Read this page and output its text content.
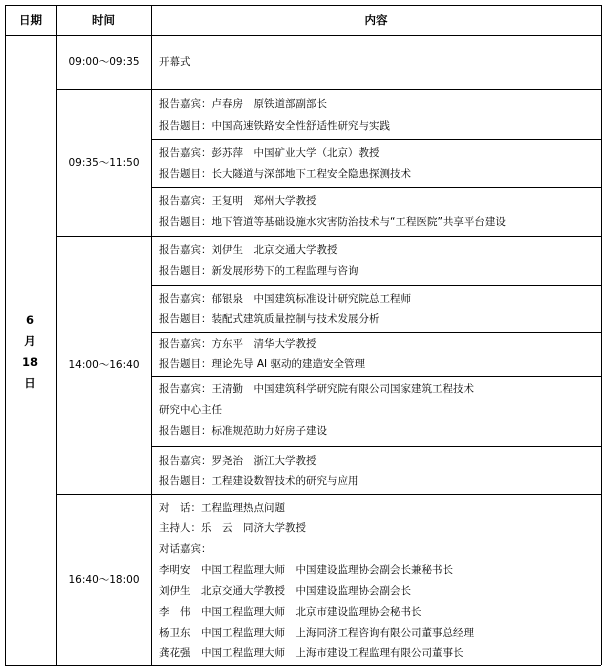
日期	时间	内容
6
月
18
日
09:00～09:35
09:35～11:50
14:00～16:40
16:40～18:00
开幕式
报告嘉宾：卢春房　原铁道部副部长
报告题目：中国高速铁路安全性舒适性研究与实践
报告嘉宾：彭苏萍　中国矿业大学（北京）教授
报告题目：长大隧道与深部地下工程安全隐患探测技术
报告嘉宾：王复明　郑州大学教授
报告题目：地下管道等基础设施水灾害防治技术与“工程医院”共享平台建设
报告嘉宾：刘伊生　北京交通大学教授
报告题目：新发展形势下的工程监理与咨询
报告嘉宾：郁银泉　中国建筑标准设计研究院总工程师
报告题目：装配式建筑质量控制与技术发展分析
报告嘉宾：方东平　清华大学教授
报告题目：理论先导 AI 驱动的建造安全管理
报告嘉宾：王清勤　中国建筑科学研究院有限公司国家建筑工程技术
研究中心主任
报告题目：标准规范助力好房子建设
报告嘉宾：罗尧治　浙江大学教授
报告题目：工程建设数智技术的研究与应用
对　话：工程监理热点问题
主持人：乐　云　同济大学教授
对话嘉宾：
李明安　中国工程监理大师　中国建设监理协会副会长兼秘书长
刘伊生　北京交通大学教授　中国建设监理协会副会长
李　伟　中国工程监理大师　北京市建设监理协会秘书长
杨卫东　中国工程监理大师　上海同济工程咨询有限公司董事总经理
龚花强　中国工程监理大师　上海市建设工程监理有限公司董事长
